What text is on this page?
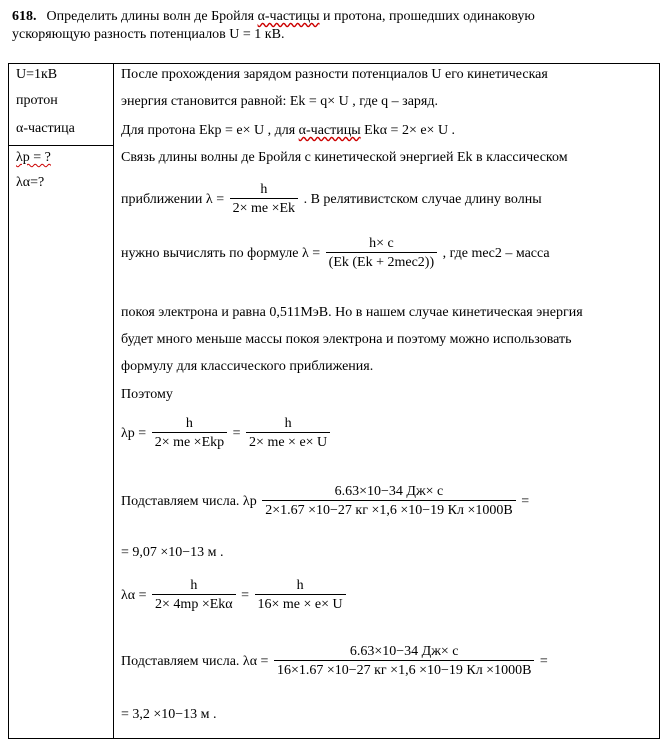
618. Определить длины волн де Бройля α-частицы и протона, прошедших одинаковую
ускоряющую разность потенциалов U = 1 кВ.
U=1кВ
протон
α-частица
λp = ?
λα=?
После прохождения зарядом разности потенциалов U его кинетическая
энергия становится равной: Ek = q× U , где q – заряд.
Для протона Ekp = e× U , для α-частицы Ekα = 2× e× U .
Связь длины волны де Бройля с кинетической энергией Ek в классическом
приближении $\lambda = \frac{h}{2\times me \times Ek}$ . В релятивистском случае длину волны
нужно вычислять по формуле $\lambda = \frac{h\times c}{\text{(Ek (Ek + 2mec2))}}$ , где mec2 – масса
покоя электрона и равна 0,511МэВ. Но в нашем случае кинетическая энергия
будет много меньше массы покоя электрона и поэтому можно использовать
формулу для классического приближения.
Поэтому
$\lambda p = \frac{h}{\text{2× me ×Ekp}} = \frac{h}{2\times me \times e\times U}$
Подставляем числа. λp $\frac{6.63\times 10-34 Дж\times с}{2\times 1.67 \times 10-27 кг \times 1,6 \times 10-19 Кл \times 1000В}$ =
= 9,07 ×10−13 м .
$\lambda\alpha = \frac{h}{\text{2× 4mp ×Ekα}} = \frac{h}{16\times me \times e\times U}$
Подставляем числа. $\lambda\alpha = \frac{6.63\times 10-34 Дж\times с}{16\times 1.67 \times 10-27 кг \times 1,6 \times 10-19 Кл \times 1000В}$ =
= 3,2 ×10−13 м .
